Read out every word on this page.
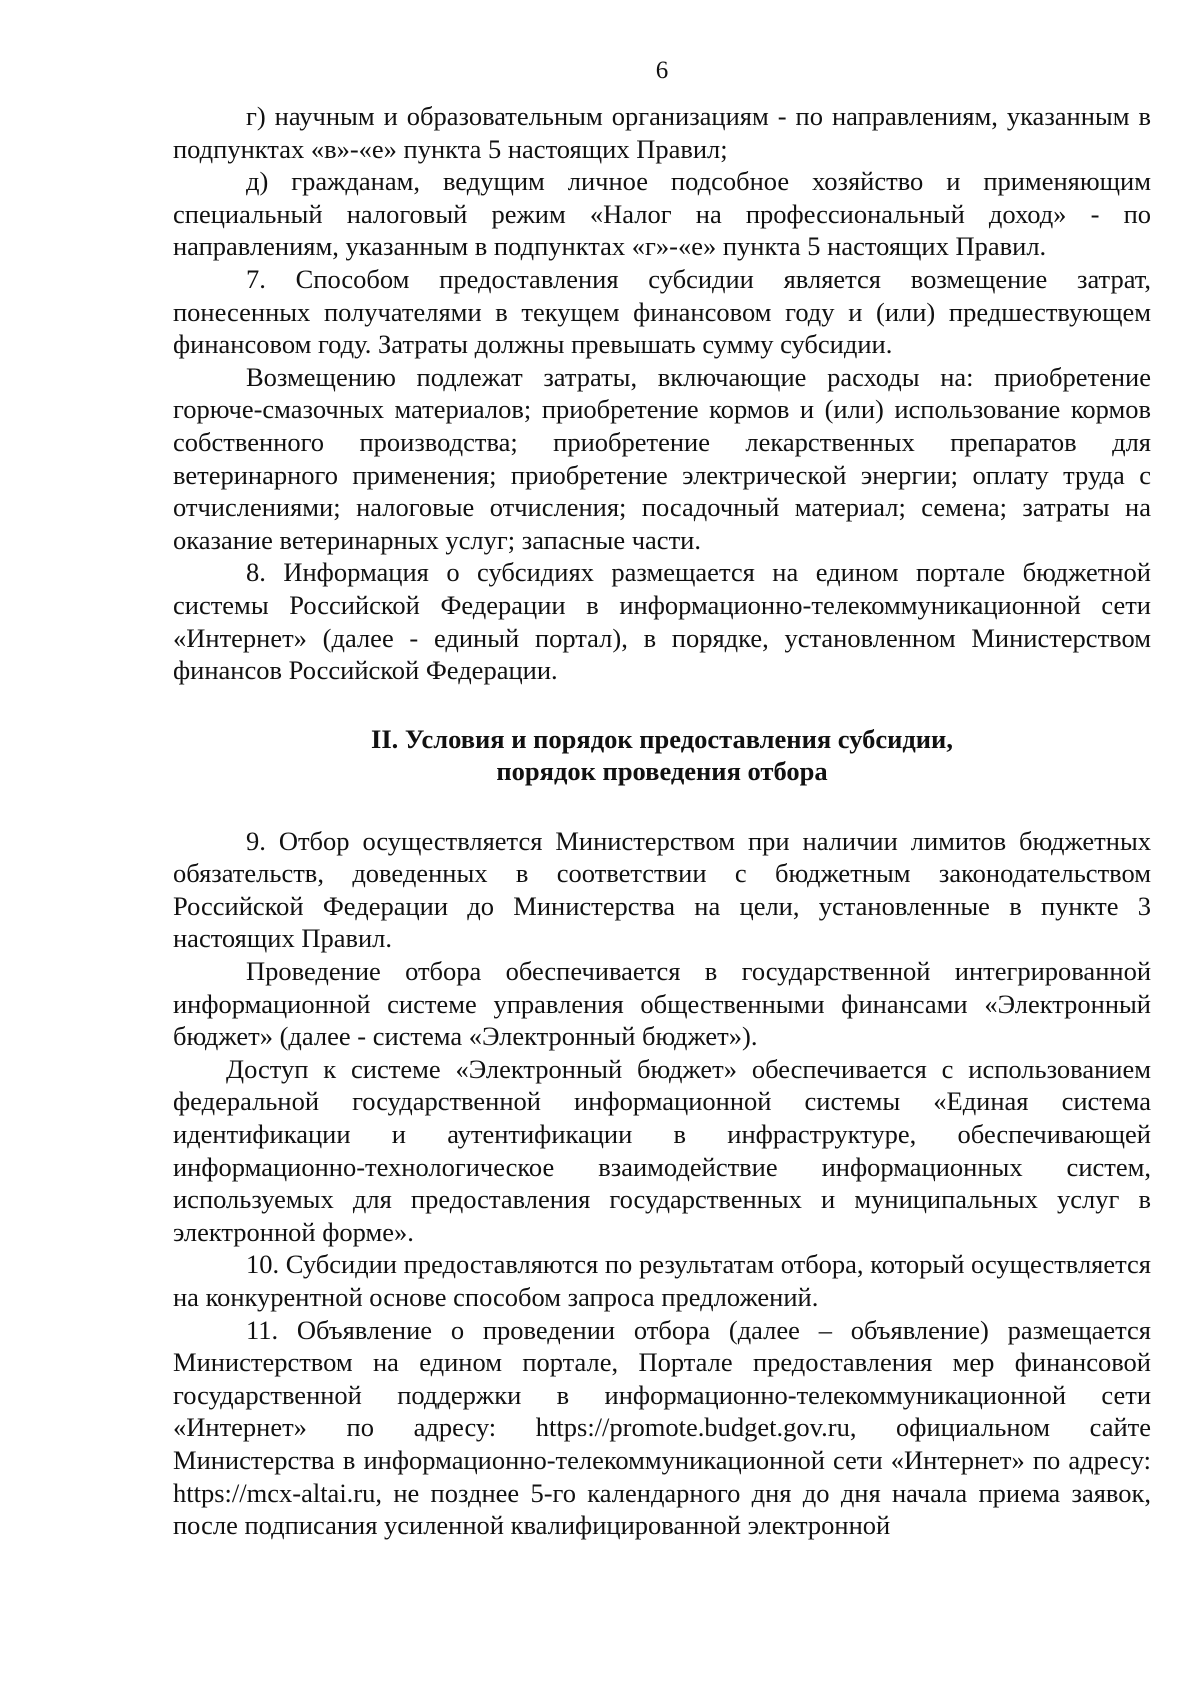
6

г) научным и образовательным организациям - по направлениям, указанным в подпунктах «в»-«е» пункта 5 настоящих Правил;

д) гражданам, ведущим личное подсобное хозяйство и применяющим специальный налоговый режим «Налог на профессиональный доход» - по направлениям, указанным в подпунктах «г»-«е» пункта 5 настоящих Правил.

7. Способом предоставления субсидии является возмещение затрат, понесенных получателями в текущем финансовом году и (или) предшествующем финансовом году. Затраты должны превышать сумму субсидии.

Возмещению подлежат затраты, включающие расходы на: приобретение горюче-смазочных материалов; приобретение кормов и (или) использование кормов собственного производства; приобретение лекарственных препаратов для ветеринарного применения; приобретение электрической энергии; оплату труда с отчислениями; налоговые отчисления; посадочный материал; семена; затраты на оказание ветеринарных услуг; запасные части.

8. Информация о субсидиях размещается на едином портале бюджетной системы Российской Федерации в информационно-телекоммуникационной сети «Интернет» (далее - единый портал), в порядке, установленном Министерством финансов Российской Федерации.

II. Условия и порядок предоставления субсидии,
порядок проведения отбора

9. Отбор осуществляется Министерством при наличии лимитов бюджетных обязательств, доведенных в соответствии с бюджетным законодательством Российской Федерации до Министерства на цели, установленные в пункте 3 настоящих Правил.

Проведение отбора обеспечивается в государственной интегрированной информационной системе управления общественными финансами «Электронный бюджет» (далее - система «Электронный бюджет»).

Доступ к системе «Электронный бюджет» обеспечивается с использованием федеральной государственной информационной системы «Единая система идентификации и аутентификации в инфраструктуре, обеспечивающей информационно-технологическое взаимодействие информационных систем, используемых для предоставления государственных и муниципальных услуг в электронной форме».

10. Субсидии предоставляются по результатам отбора, который осуществляется на конкурентной основе способом запроса предложений.

11. Объявление о проведении отбора (далее – объявление) размещается Министерством на едином портале, Портале предоставления мер финансовой государственной поддержки в информационно-телекоммуникационной сети «Интернет» по адресу: https://promote.budget.gov.ru, официальном сайте Министерства в информационно-телекоммуникационной сети «Интернет» по адресу: https://mcx-altai.ru, не позднее 5-го календарного дня до дня начала приема заявок, после подписания усиленной квалифицированной электронной
